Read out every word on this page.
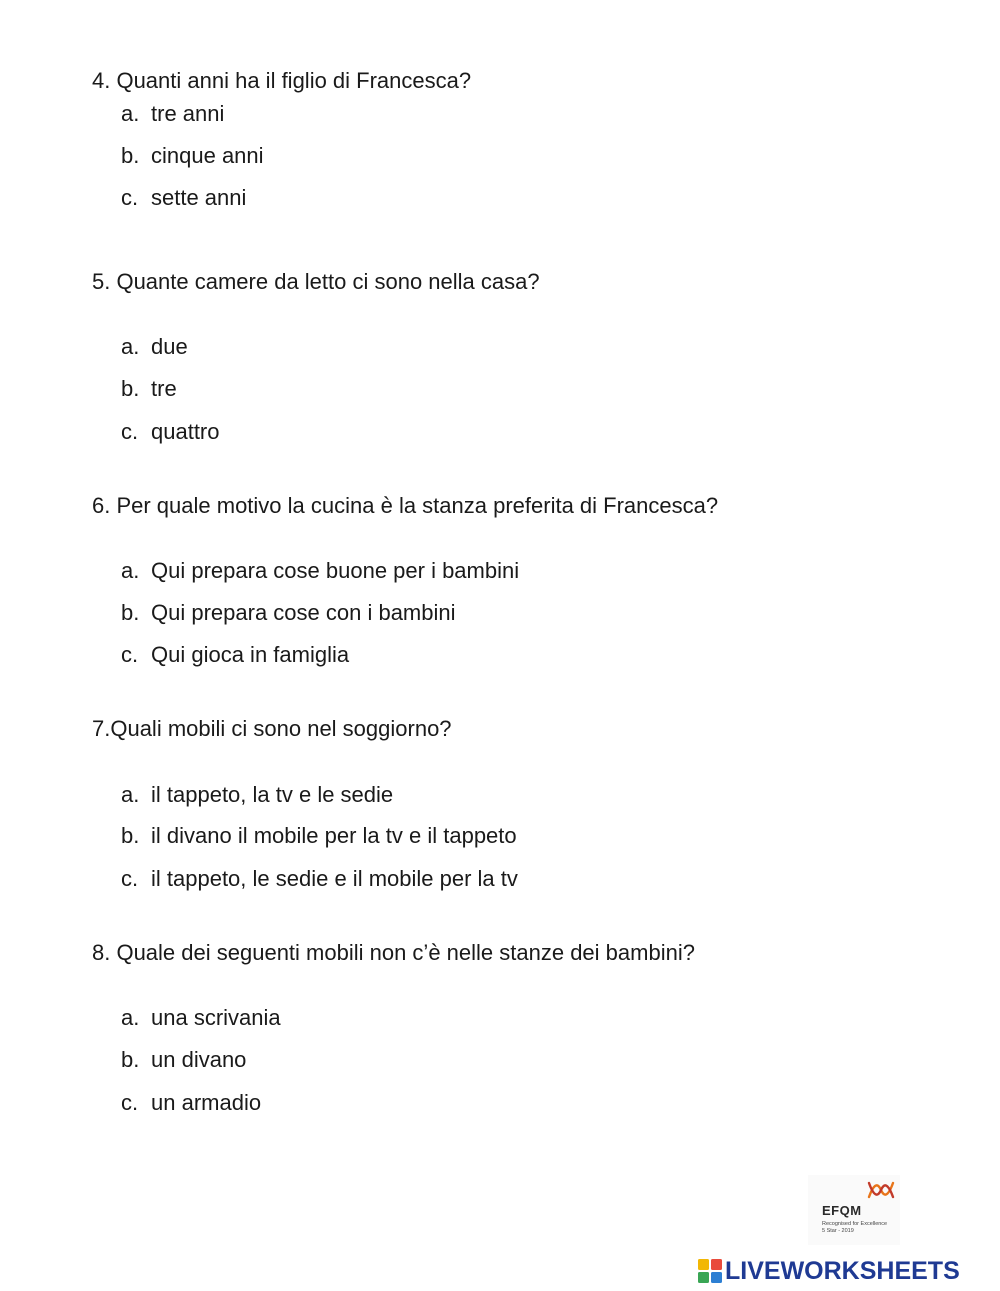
4. Quanti anni ha il figlio di Francesca?
a. tre anni
b. cinque anni
c. sette anni
5. Quante camere da letto ci sono nella casa?
a. due
b. tre
c. quattro
6. Per quale motivo la cucina è la stanza preferita di Francesca?
a. Qui prepara cose buone per i bambini
b. Qui prepara cose con i bambini
c. Qui gioca in famiglia
7.Quali mobili ci sono nel soggiorno?
a. il tappeto, la tv e le sedie
b. il divano il mobile per la tv e il tappeto
c. il tappeto, le sedie e il mobile per la tv
8. Quale dei seguenti mobili non c’è nelle stanze dei bambini?
a. una scrivania
b. un divano
c. un armadio
EFQM
Recognised for Excellence
5 Star - 2019
LIVEWORKSHEETS
